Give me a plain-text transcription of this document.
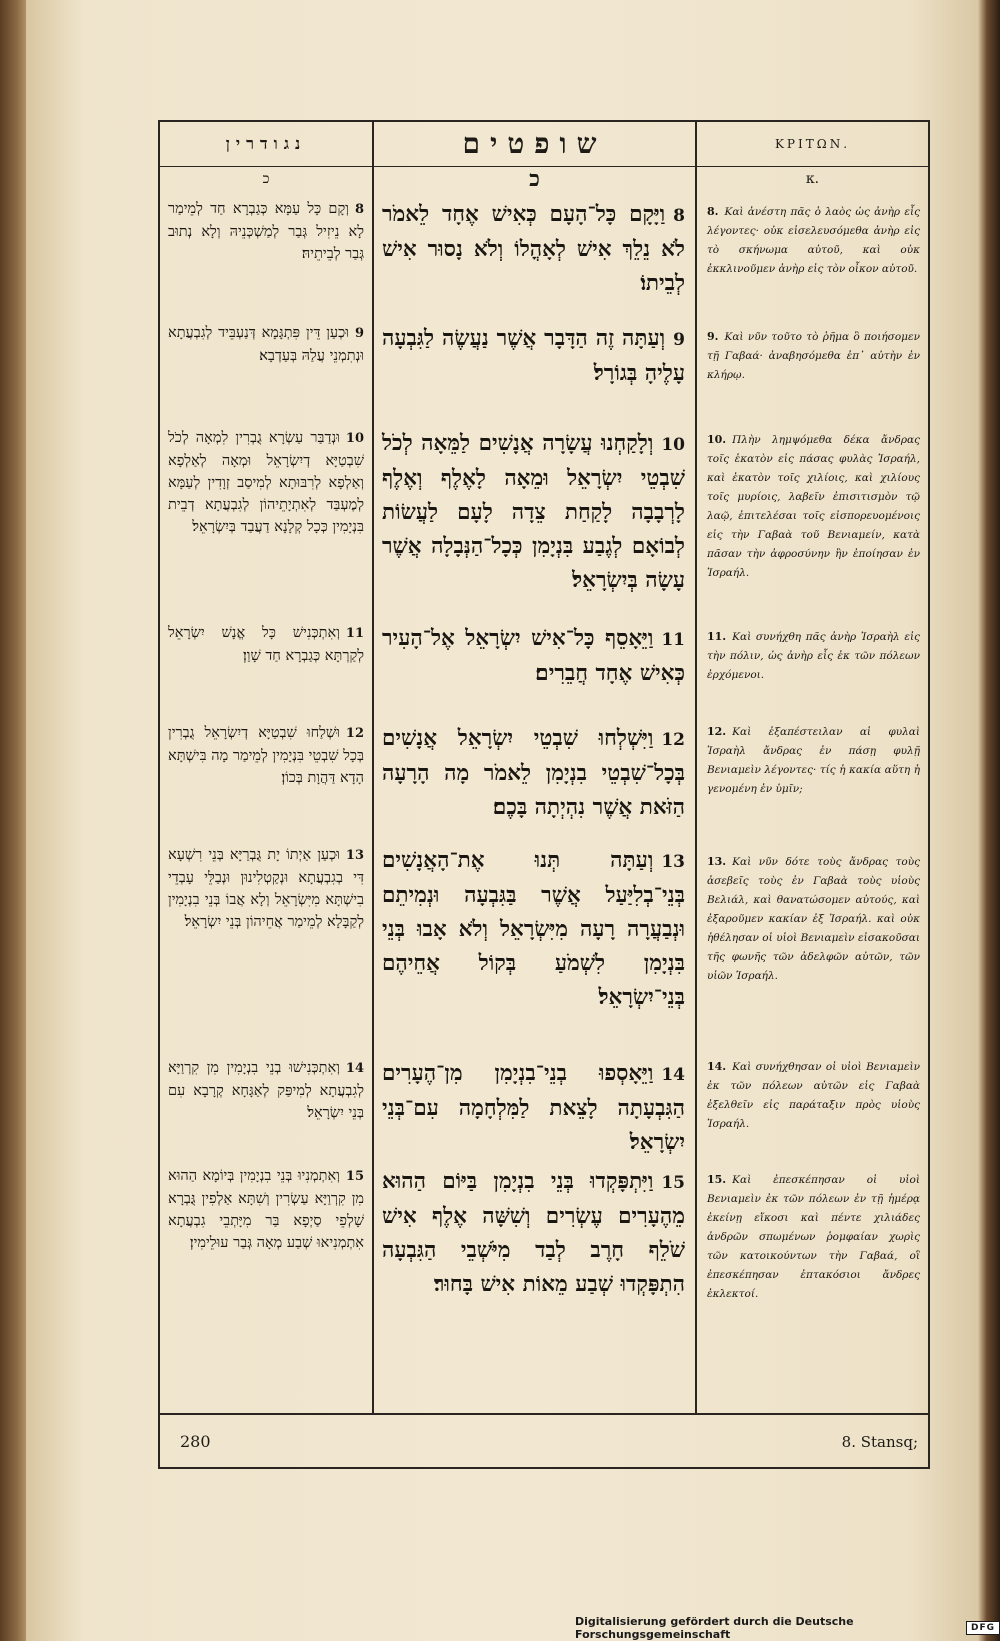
נגודרין
כ
8וְקָם כָּל עַמָּא כְּגַבְרָא חַד לְמֵימַר לָא נֵיזִיל גְּבַר לְמַשְׁכְּנֵיהּ וְלָא נְתוּב גְּבַר לְבֵיתֵיהּ׃
9וּכְעַן דֵּין פִּתְגָּמָא דְּנַעְבֵּיד לְגִבְעֲתָא וּנְתִמְנֵי עֲלַהּ בְּעַדְבָא׃
10וּנְדַבַּר עַשְׂרָא גֻבְרִין לִמְאָה לְכֹל שִׁבְטַיָּא דְיִשְׂרָאֵל וּמְאָה לְאַלְפָא וְאַלְפָא לְרִבּוּתָא לְמִיסַב זְוָדִין לְעַמָּא לְמֶעְבַּד לְאִתְיָתֵיהוֹן לְגִבְעֲתָא דְבֵית בִּנְיָמִין כְּכָל קְלָנָא דַעֲבַד בְּיִשְׂרָאֵל׃
11וְאִתְכְּנִישׁ כָּל אֱנָשׁ יִשְׂרָאֵל לְקַרְתָּא כְּגַבְרָא חַד שָׁוַן׃
12וּשְׁלַחוּ שִׁבְטַיָּא דְיִשְׂרָאֵל גֻבְרִין בְּכָל שִׁבְטֵי בִּנְיָמִין לְמֵימַר מָה בִּישְׁתָּא הָדָא דַּהֲוָת בְּכוֹן׃
13וּכְעַן אַיְתוֹ יָת גֻּבְרַיָּא בְּנֵי רִשְׁעָא דִּי בְגִבְעֲתָא וּנְקַטְלִינוּן וּנְבַלֵּי עָבְדֵי בִישְׁתָּא מִיִּשְׂרָאֵל וְלָא אֲבוֹ בְּנֵי בִנְיָמִין לְקַבָּלָא לְמֵימַר אֲחֵיהוֹן בְּנֵי יִשְׂרָאֵל׃
14וְאִתְכְּנִישׁוּ בְנֵי בִנְיָמִין מִן קִרְוַיָּא לְגִבְעֲתָא לְמִיפַּק לְאַגָּחָא קְרָבָא עִם בְּנֵי יִשְׂרָאֵל׃
15וְאִתְמְנִיוּ בְּנֵי בִנְיָמִין בְּיוֹמָא הַהוּא מִן קִרְוַיָּא עַשְׂרִין וְשִׁתָּא אַלְפִין גֻּבְרָא שָׁלְפֵי סַיְפָא בַּר מִיָּתְבֵי גִבְעֲתָא אִתְמְנִיאוּ שְׁבַע מְאָה גְּבַר עוּלֵימִין׃
שופטים
כ
8וַיָּקָם כָּל־הָעָם כְּאִישׁ אֶחָד לֵאמֹר לֹא נֵלֵךְ אִישׁ לְאָהֳלוֹ וְלֹא נָסוּר אִישׁ לְבֵיתוֹ׃
9וְעַתָּה זֶה הַדָּבָר אֲשֶׁר נַעֲשֶׂה לַגִּבְעָה עָלֶיהָ בְּגוֹרָל׃
10וְלָקַחְנוּ עֲשָׂרָה אֲנָשִׁים לַמֵּאָה לְכֹל שִׁבְטֵי יִשְׂרָאֵל וּמֵאָה לָאֶלֶף וְאֶלֶף לָרְבָבָה לָקַחַת צֵדָה לָעָם לַעֲשׂוֹת לְבוֹאָם לְגֶבַע בִּנְיָמִן כְּכָל־הַנְּבָלָה אֲשֶׁר עָשָׂה בְּיִשְׂרָאֵל׃
11וַיֵּאָסֵף כָּל־אִישׁ יִשְׂרָאֵל אֶל־הָעִיר כְּאִישׁ אֶחָד חֲבֵרִים׃
12וַיִּשְׁלְחוּ שִׁבְטֵי יִשְׂרָאֵל אֲנָשִׁים בְּכָל־שִׁבְטֵי בִנְיָמִן לֵאמֹר מָה הָרָעָה הַזֹּאת אֲשֶׁר נִהְיְתָה בָּכֶם׃
13וְעַתָּה תְּנוּ אֶת־הָאֲנָשִׁים בְּנֵי־בְלִיַּעַל אֲשֶׁר בַּגִּבְעָה וּנְמִיתֵם וּנְבַעֲרָה רָעָה מִיִּשְׂרָאֵל וְלֹא אָבוּ בְּנֵי בִּנְיָמִן לִשְׁמֹעַ בְּקוֹל אֲחֵיהֶם בְּנֵי־יִשְׂרָאֵל׃
14וַיֵּאָסְפוּ בְנֵי־בִנְיָמִן מִן־הֶעָרִים הַגִּבְעָתָה לָצֵאת לַמִּלְחָמָה עִם־בְּנֵי יִשְׂרָאֵל׃
15וַיִּתְפָּקְדוּ בְּנֵי בִנְיָמִן בַּיּוֹם הַהוּא מֵהֶעָרִים עֶשְׂרִים וְשִׁשָּׁה אֶלֶף אִישׁ שֹׁלֵף חָרֶב לְבַד מִיֹּשְׁבֵי הַגִּבְעָה הִתְפָּקְדוּ שְׁבַע מֵאוֹת אִישׁ בָּחוּר׃
ΚΡΙΤΩΝ.
κ.
8. Καὶ ἀνέστη πᾶς ὁ λαὸς ὡς ἀνὴρ εἷς λέγοντες· οὐκ εἰσελευσόμεθα ἀνὴρ εἰς τὸ σκήνωμα αὐτοῦ, καὶ οὐκ ἐκκλινοῦμεν ἀνὴρ εἰς τὸν οἶκον αὐτοῦ.
9. Καὶ νῦν τοῦτο τὸ ῥῆμα ὃ ποιήσομεν τῇ Γαβαά· ἀναβησόμεθα ἐπ᾽ αὐτὴν ἐν κλήρῳ.
10. Πλὴν λημψόμεθα δέκα ἄνδρας τοῖς ἑκατὸν εἰς πάσας φυλὰς Ἰσραήλ, καὶ ἑκατὸν τοῖς χιλίοις, καὶ χιλίους τοῖς μυρίοις, λαβεῖν ἐπισιτισμὸν τῷ λαῷ, ἐπιτελέσαι τοῖς εἰσπορευομένοις εἰς τὴν Γαβαὰ τοῦ Βενιαμείν, κατὰ πᾶσαν τὴν ἀφροσύνην ἣν ἐποίησαν ἐν Ἰσραήλ.
11. Καὶ συνήχθη πᾶς ἀνὴρ Ἰσραὴλ εἰς τὴν πόλιν, ὡς ἀνὴρ εἷς ἐκ τῶν πόλεων ἐρχόμενοι.
12. Καὶ ἐξαπέστειλαν αἱ φυλαὶ Ἰσραὴλ ἄνδρας ἐν πάσῃ φυλῇ Βενιαμεὶν λέγοντες· τίς ἡ κακία αὕτη ἡ γενομένη ἐν ὑμῖν;
13. Καὶ νῦν δότε τοὺς ἄνδρας τοὺς ἀσεβεῖς τοὺς ἐν Γαβαὰ τοὺς υἱοὺς Βελιάλ, καὶ θανατώσομεν αὐτούς, καὶ ἐξαροῦμεν κακίαν ἐξ Ἰσραήλ. καὶ οὐκ ἠθέλησαν οἱ υἱοὶ Βενιαμεὶν εἰσακοῦσαι τῆς φωνῆς τῶν ἀδελφῶν αὐτῶν, τῶν υἱῶν Ἰσραήλ.
14. Καὶ συνήχθησαν οἱ υἱοὶ Βενιαμεὶν ἐκ τῶν πόλεων αὐτῶν εἰς Γαβαὰ ἐξελθεῖν εἰς παράταξιν πρὸς υἱοὺς Ἰσραήλ.
15. Καὶ ἐπεσκέπησαν οἱ υἱοὶ Βενιαμεὶν ἐκ τῶν πόλεων ἐν τῇ ἡμέρᾳ ἐκείνῃ εἴκοσι καὶ πέντε χιλιάδες ἀνδρῶν σπωμένων ῥομφαίαν χωρὶς τῶν κατοικούντων τὴν Γαβαά, οἳ ἐπεσκέπησαν ἑπτακόσιοι ἄνδρες ἐκλεκτοί.
280	8. Stansq;
Digitalisierung gefördert durch die Deutsche Forschungsgemeinschaft	DFG
